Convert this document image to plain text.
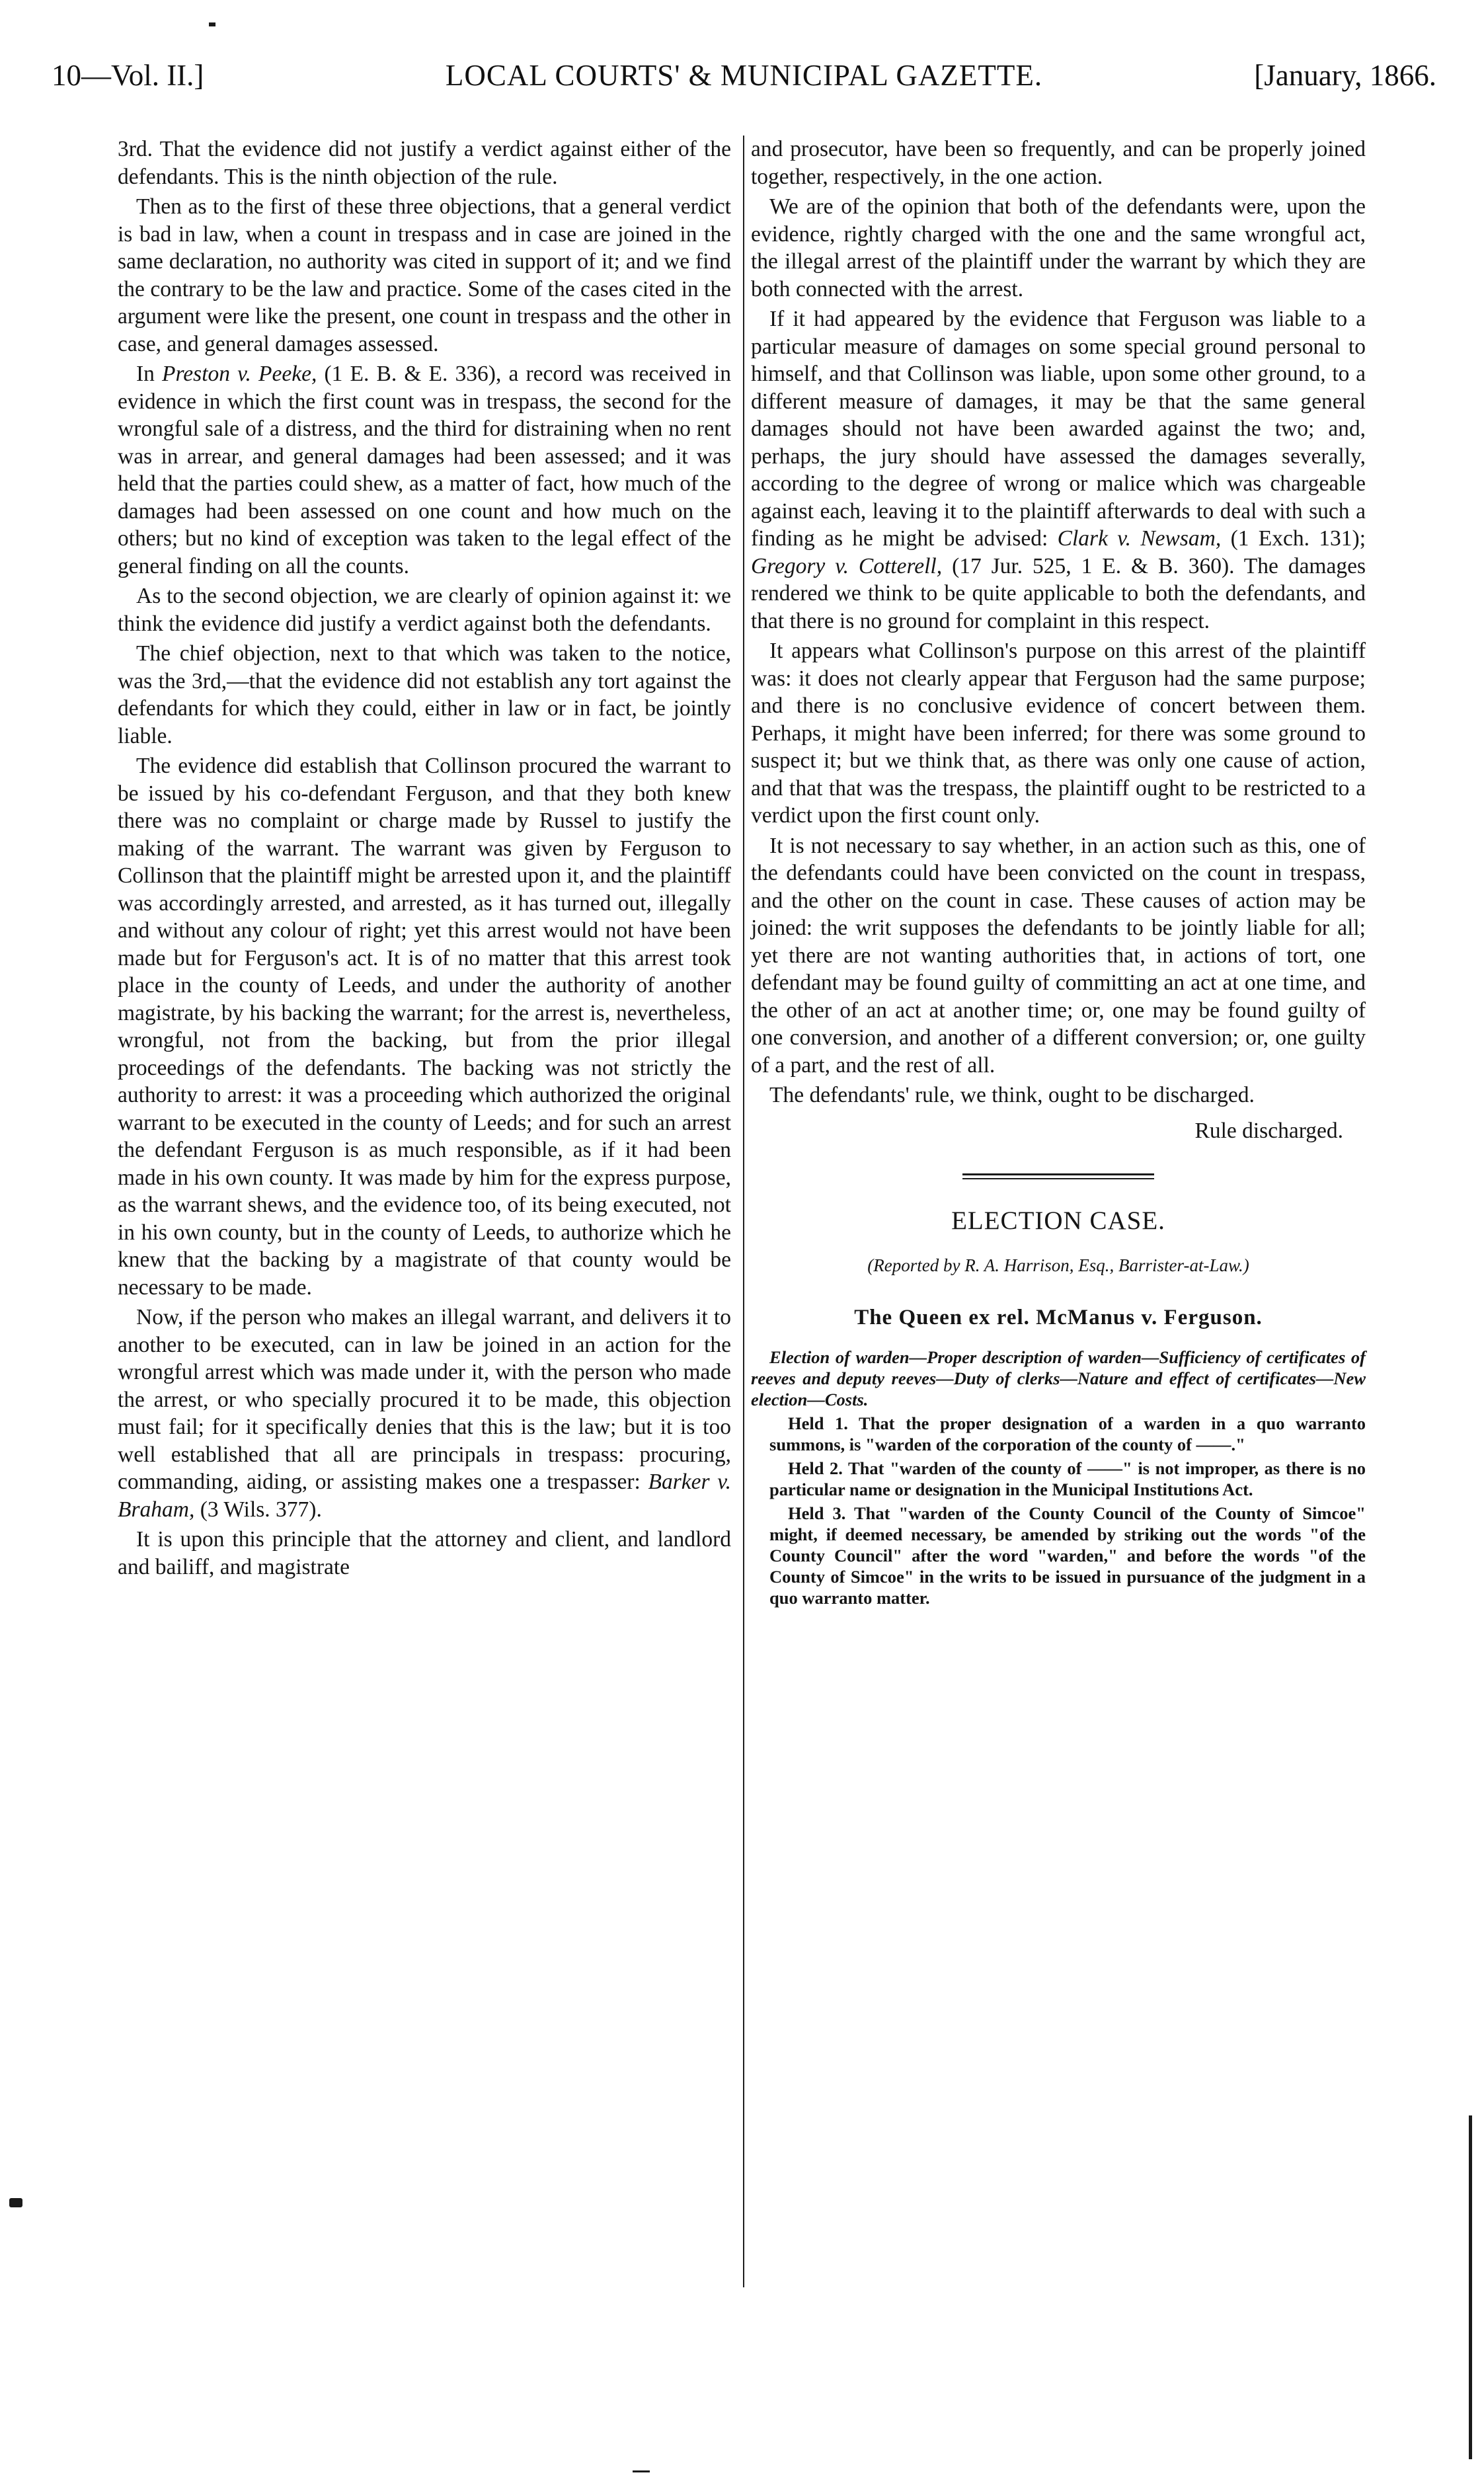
10—Vol. II.]	LOCAL COURTS' & MUNICIPAL GAZETTE.	[January, 1866.

3rd. That the evidence did not justify a verdict against either of the defendants. This is the ninth objection of the rule.

Then as to the first of these three objections, that a general verdict is bad in law, when a count in trespass and in case are joined in the same declaration, no authority was cited in support of it; and we find the contrary to be the law and practice. Some of the cases cited in the argument were like the present, one count in trespass and the other in case, and general damages assessed.

In Preston v. Peeke, (1 E. B. & E. 336), a record was received in evidence in which the first count was in trespass, the second for the wrongful sale of a distress, and the third for distraining when no rent was in arrear, and general damages had been assessed; and it was held that the parties could shew, as a matter of fact, how much of the damages had been assessed on one count and how much on the others; but no kind of exception was taken to the legal effect of the general finding on all the counts.

As to the second objection, we are clearly of opinion against it: we think the evidence did justify a verdict against both the defendants.

The chief objection, next to that which was taken to the notice, was the 3rd,—that the evidence did not establish any tort against the defendants for which they could, either in law or in fact, be jointly liable.

The evidence did establish that Collinson procured the warrant to be issued by his co-defendant Ferguson, and that they both knew there was no complaint or charge made by Russel to justify the making of the warrant. The warrant was given by Ferguson to Collinson that the plaintiff might be arrested upon it, and the plaintiff was accordingly arrested, and arrested, as it has turned out, illegally and without any colour of right; yet this arrest would not have been made but for Ferguson's act. It is of no matter that this arrest took place in the county of Leeds, and under the authority of another magistrate, by his backing the warrant; for the arrest is, nevertheless, wrongful, not from the backing, but from the prior illegal proceedings of the defendants. The backing was not strictly the authority to arrest: it was a proceeding which authorized the original warrant to be executed in the county of Leeds; and for such an arrest the defendant Ferguson is as much responsible, as if it had been made in his own county. It was made by him for the express purpose, as the warrant shews, and the evidence too, of its being executed, not in his own county, but in the county of Leeds, to authorize which he knew that the backing by a magistrate of that county would be necessary to be made.

Now, if the person who makes an illegal warrant, and delivers it to another to be executed, can in law be joined in an action for the wrongful arrest which was made under it, with the person who made the arrest, or who specially procured it to be made, this objection must fail; for it specifically denies that this is the law; but it is too well established that all are principals in trespass: procuring, commanding, aiding, or assisting makes one a trespasser: Barker v. Braham, (3 Wils. 377).

It is upon this principle that the attorney and client, and landlord and bailiff, and magistrate

and prosecutor, have been so frequently, and can be properly joined together, respectively, in the one action.

We are of the opinion that both of the defendants were, upon the evidence, rightly charged with the one and the same wrongful act, the illegal arrest of the plaintiff under the warrant by which they are both connected with the arrest.

If it had appeared by the evidence that Ferguson was liable to a particular measure of damages on some special ground personal to himself, and that Collinson was liable, upon some other ground, to a different measure of damages, it may be that the same general damages should not have been awarded against the two; and, perhaps, the jury should have assessed the damages severally, according to the degree of wrong or malice which was chargeable against each, leaving it to the plaintiff afterwards to deal with such a finding as he might be advised: Clark v. Newsam, (1 Exch. 131); Gregory v. Cotterell, (17 Jur. 525, 1 E. & B. 360). The damages rendered we think to be quite applicable to both the defendants, and that there is no ground for complaint in this respect.

It appears what Collinson's purpose on this arrest of the plaintiff was: it does not clearly appear that Ferguson had the same purpose; and there is no conclusive evidence of concert between them. Perhaps, it might have been inferred; for there was some ground to suspect it; but we think that, as there was only one cause of action, and that that was the trespass, the plaintiff ought to be restricted to a verdict upon the first count only.

It is not necessary to say whether, in an action such as this, one of the defendants could have been convicted on the count in trespass, and the other on the count in case. These causes of action may be joined: the writ supposes the defendants to be jointly liable for all; yet there are not wanting authorities that, in actions of tort, one defendant may be found guilty of committing an act at one time, and the other of an act at another time; or, one may be found guilty of one conversion, and another of a different conversion; or, one guilty of a part, and the rest of all.

The defendants' rule, we think, ought to be discharged.

Rule discharged.
ELECTION CASE.
(Reported by R. A. Harrison, Esq., Barrister-at-Law.)
The Queen ex rel. McManus v. Ferguson.

Election of warden—Proper description of warden—Sufficiency of certificates of reeves and deputy reeves—Duty of clerks—Nature and effect of certificates—New election—Costs.

Held 1. That the proper designation of a warden in a quo warranto summons, is "warden of the corporation of the county of ——."

Held 2. That "warden of the county of ——" is not improper, as there is no particular name or designation in the Municipal Institutions Act.

Held 3. That "warden of the County Council of the County of Simcoe" might, if deemed necessary, be amended by striking out the words "of the County Council" after the word "warden," and before the words "of the County of Simcoe" in the writs to be issued in pursuance of the judgment in a quo warranto matter.
